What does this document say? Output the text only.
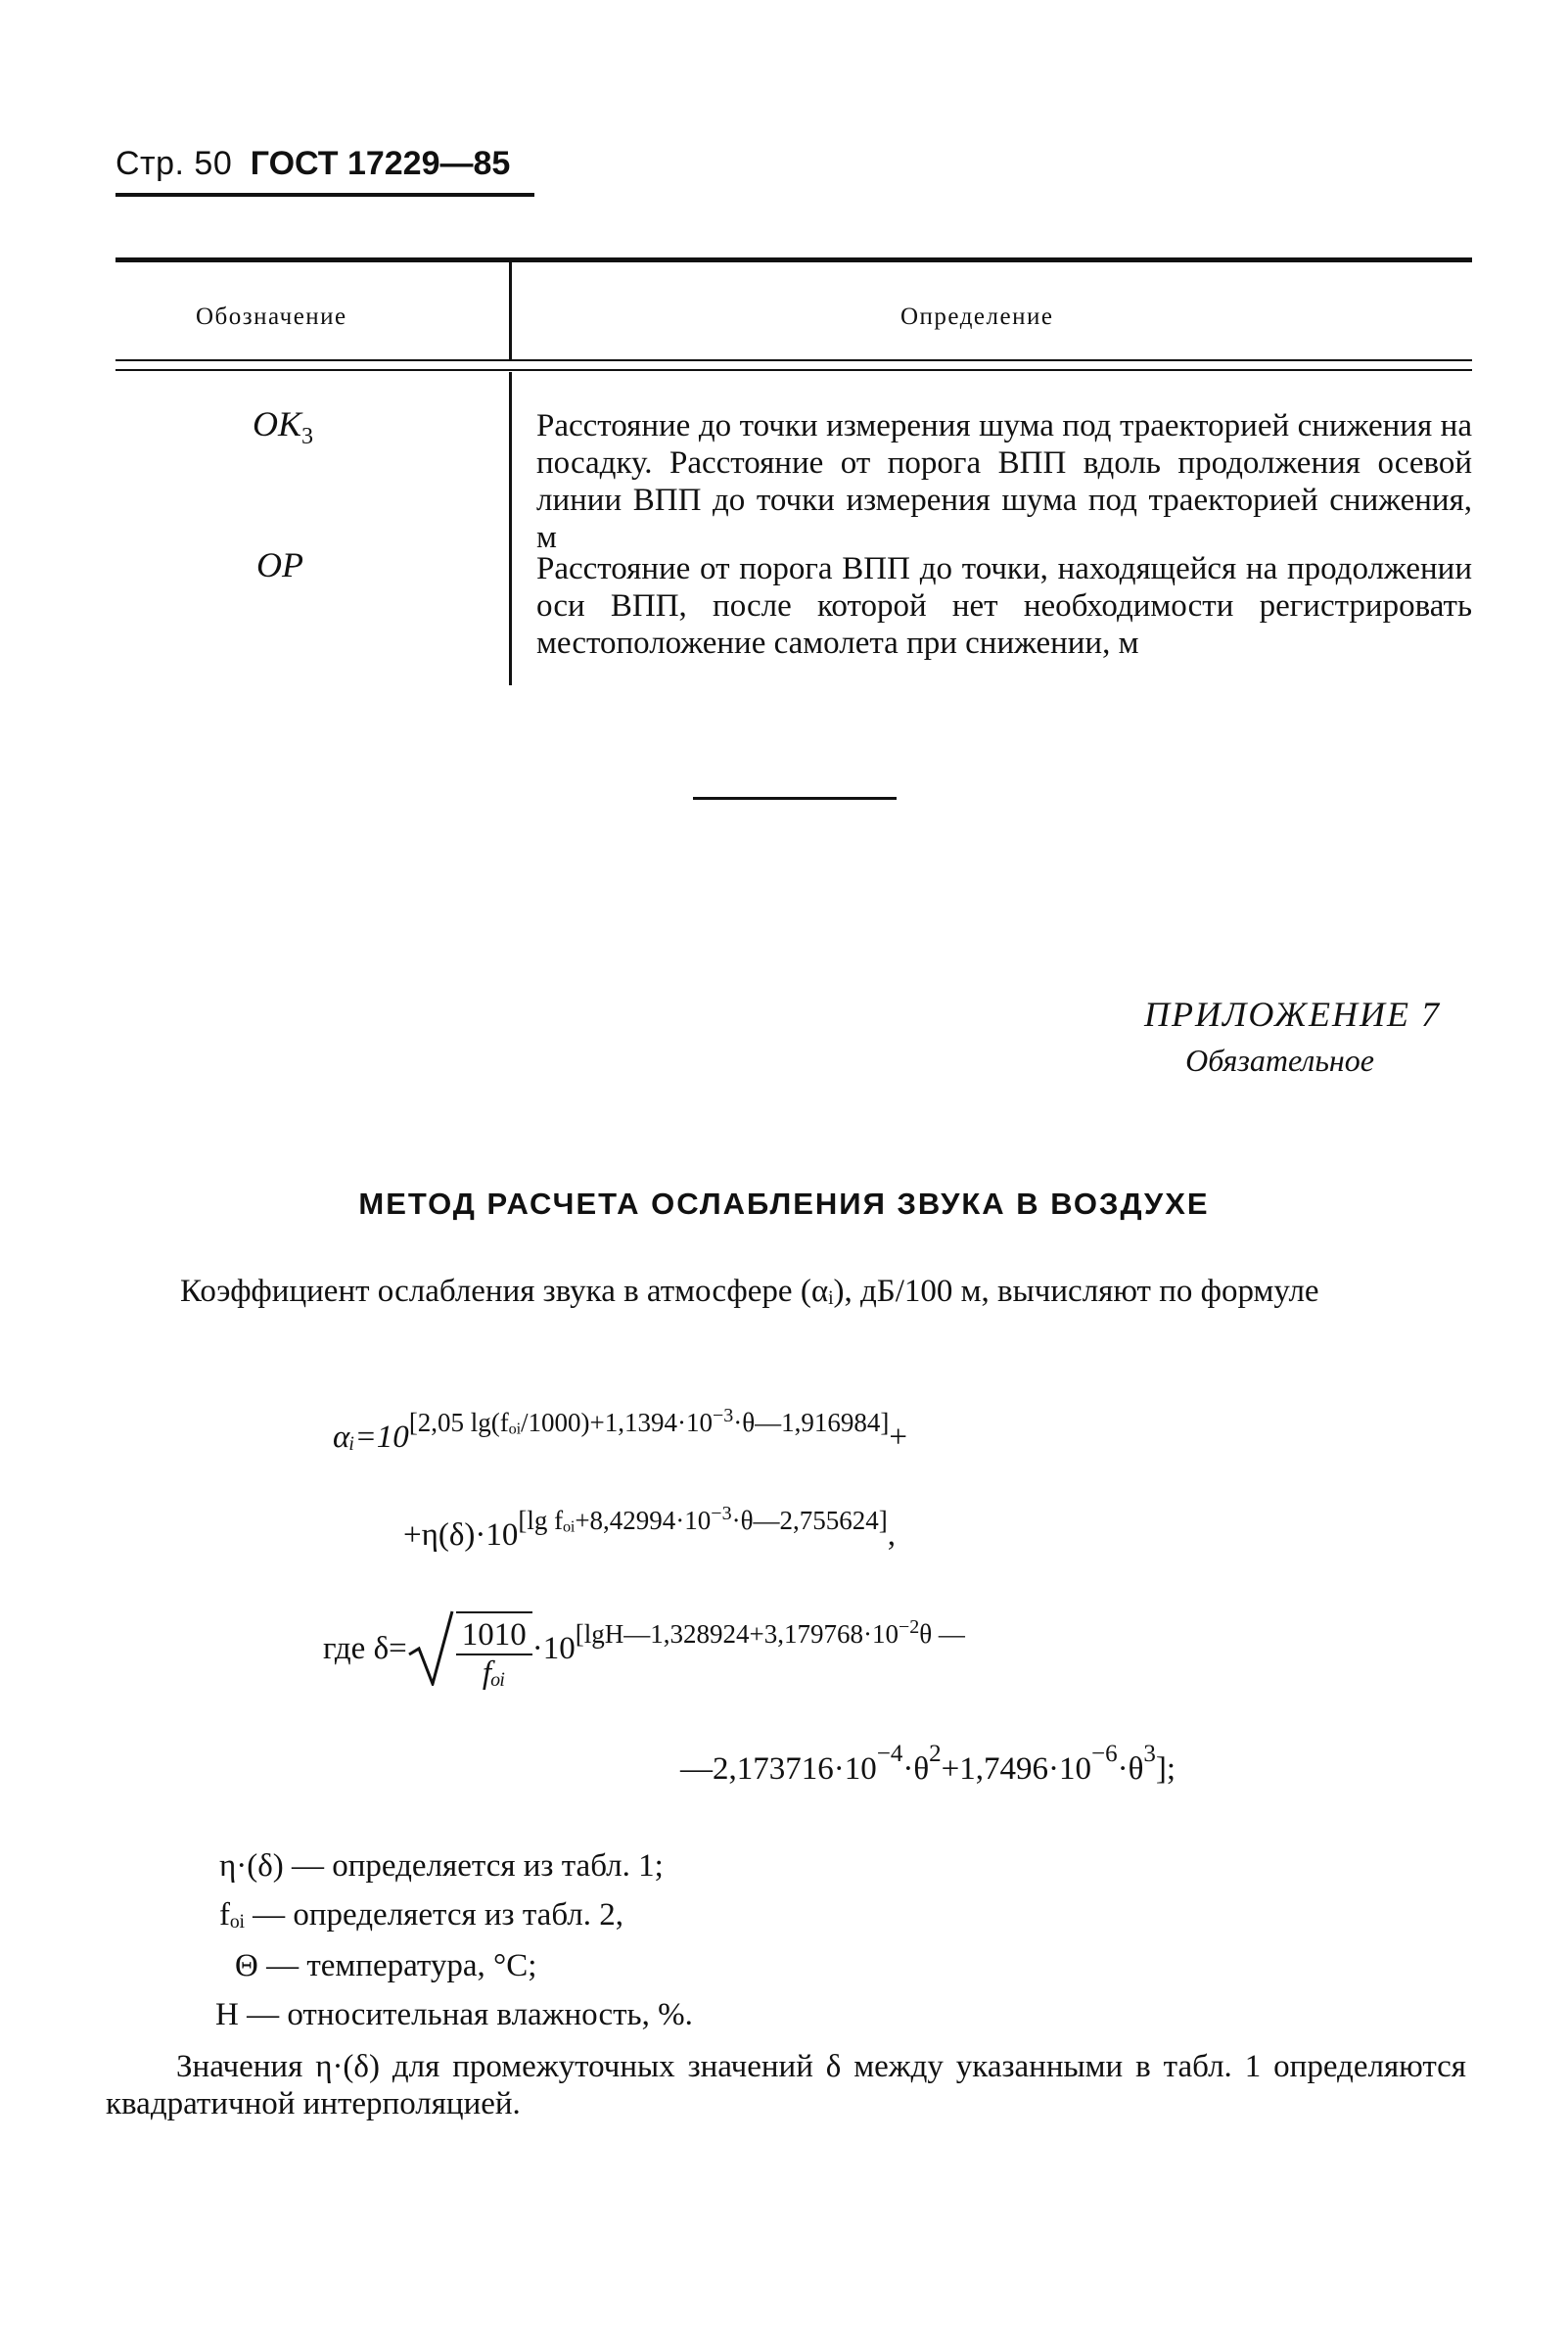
Стр. 50 ГОСТ 17229—85
Обозначение	Определение
$OK_3$	Расстояние до точки измерения шума под траекторией снижения на посадку. Расстояние от порога ВПП вдоль продолжения осевой линии ВПП до точки измерения шума под траекторией снижения, м
OP	Расстояние от порога ВПП до точки, находящейся на продолжении оси ВПП, после которой нет необходимости регистрировать местоположение самолета при снижении, м
ПРИЛОЖЕНИЕ 7
Обязательное
МЕТОД РАСЧЕТА ОСЛАБЛЕНИЯ ЗВУКА В ВОЗДУХЕ
Коэффициент ослабления звука в атмосфере (αᵢ), дБ/100 м, вычисляют по формуле
αᵢ=10[2,05 lg(fₒᵢ/1000)+1,1394·10−3·θ—1,916984]+
+η(δ)·10[lg fₒᵢ+8,42994·10−3·θ—2,755624],
где $\delta= \frac{1010}{\text{fₒᵢ}} \cdot 10^{[lgH—1,328924+3,179768\cdot 10^{-2}\theta —}$
$—2,173716\cdot 10^{-4}\cdot\theta^2+1,7496\cdot 10^{-6}\cdot\theta^3$];
η·(δ) — определяется из табл. 1;
fₒᵢ — определяется из табл. 2,
Θ — температура, °С;
H — относительная влажность, %.
Значения η·(δ) для промежуточных значений δ между указанными в табл. 1 определяются квадратичной интерполяцией.
